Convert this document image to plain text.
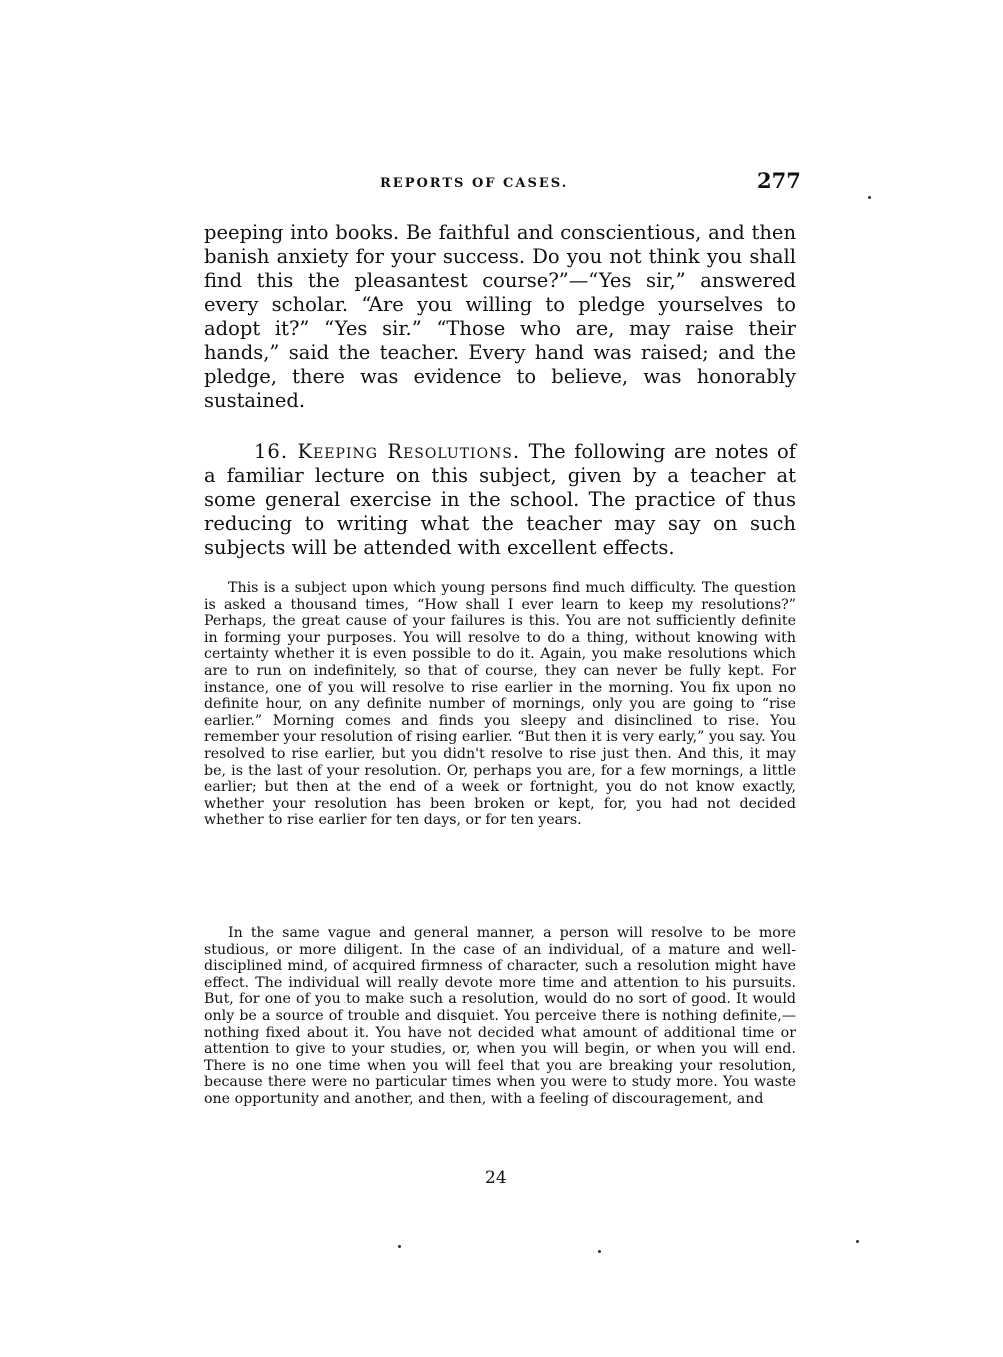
REPORTS OF CASES.	277

peeping into books. Be faithful and conscientious, and then banish anxiety for your success. Do you not think you shall find this the pleasantest course?”—“Yes sir,” answered every scholar. “Are you willing to pledge yourselves to adopt it?” “Yes sir.” “Those who are, may raise their hands,” said the teacher. Every hand was raised; and the pledge, there was evidence to believe, was honorably sustained.

16. Keeping Resolutions. The following are notes of a familiar lecture on this subject, given by a teacher at some general exercise in the school. The practice of thus reducing to writing what the teacher may say on such subjects will be attended with excellent effects.

This is a subject upon which young persons find much difficulty. The question is asked a thousand times, “How shall I ever learn to keep my resolutions?” Perhaps, the great cause of your failures is this. You are not sufficiently definite in forming your purposes. You will resolve to do a thing, without knowing with certainty whether it is even possible to do it. Again, you make resolutions which are to run on indefinitely, so that of course, they can never be fully kept. For instance, one of you will resolve to rise earlier in the morning. You fix upon no definite hour, on any definite number of mornings, only you are going to “rise earlier.” Morning comes and finds you sleepy and disinclined to rise. You remember your resolution of rising earlier. “But then it is very early,” you say. You resolved to rise earlier, but you didn't resolve to rise just then. And this, it may be, is the last of your resolution. Or, perhaps you are, for a few mornings, a little earlier; but then at the end of a week or fortnight, you do not know exactly, whether your resolution has been broken or kept, for, you had not decided whether to rise earlier for ten days, or for ten years.

In the same vague and general manner, a person will resolve to be more studious, or more diligent. In the case of an individual, of a mature and well-disciplined mind, of acquired firmness of character, such a resolution might have effect. The individual will really devote more time and attention to his pursuits. But, for one of you to make such a resolution, would do no sort of good. It would only be a source of trouble and disquiet. You perceive there is nothing definite,—nothing fixed about it. You have not decided what amount of additional time or attention to give to your studies, or, when you will begin, or when you will end. There is no one time when you will feel that you are breaking your resolution, because there were no particular times when you were to study more. You waste one opportunity and another, and then, with a feeling of discouragement, and

24
